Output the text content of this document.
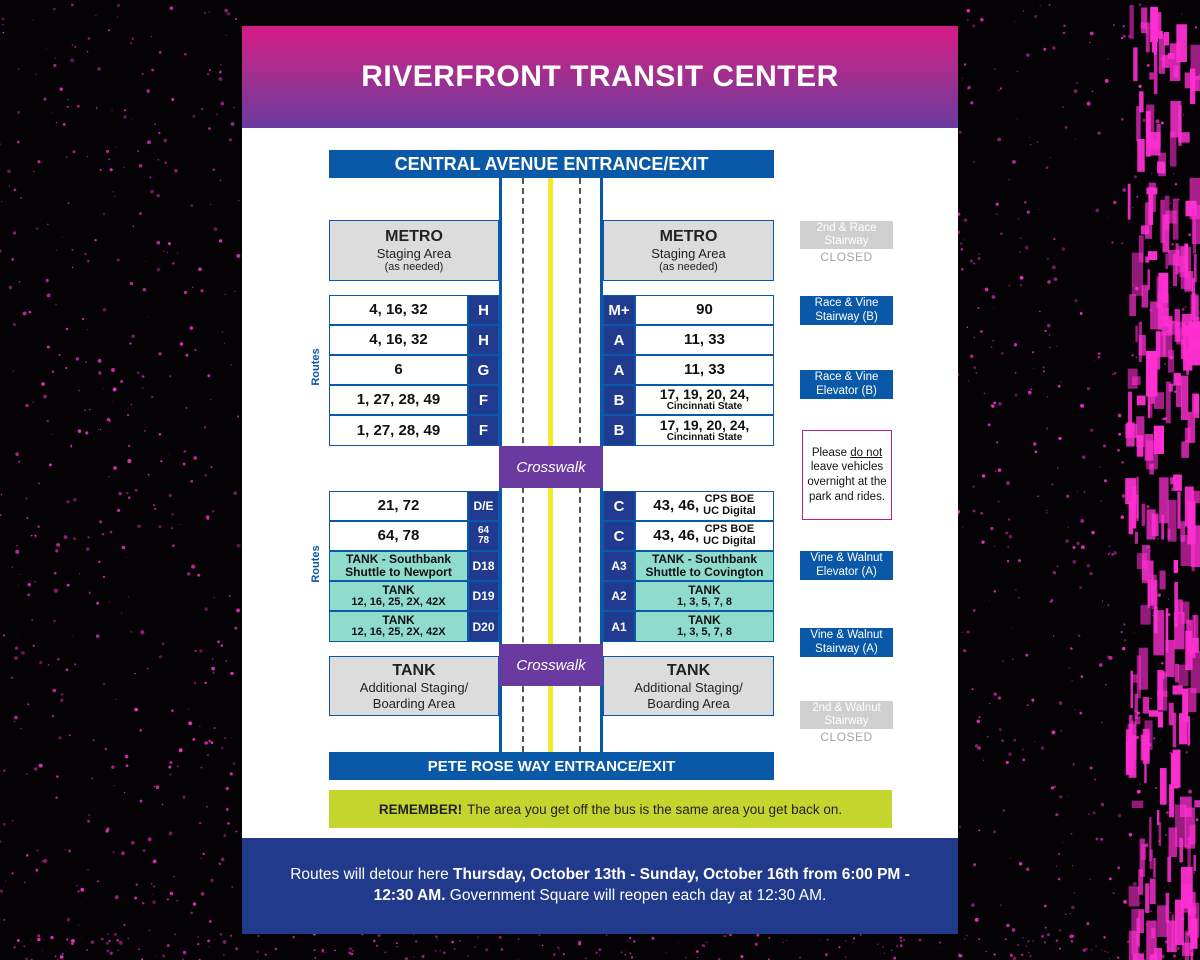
RIVERFRONT TRANSIT CENTER
CENTRAL AVENUE ENTRANCE/EXIT
Crosswalk
Crosswalk
METRO
Staging Area
(as needed)
METRO
Staging Area
(as needed)
4, 16, 32	H
4, 16, 32	H
6	G
1, 27, 28, 49	F
1, 27, 28, 49	F
M+	90
A	11, 33
A	11, 33
B	17, 19, 20, 24,
Cincinnati State
B	17, 19, 20, 24,
Cincinnati State
21, 72	D/E
64, 78	64
78
TANK - Southbank
Shuttle to Newport	D18
TANK
12, 16, 25, 2X, 42X	D19
TANK
12, 16, 25, 2X, 42X	D20
C	43, 46, CPS BOE
UC Digital
C	43, 46, CPS BOE
UC Digital
A3	TANK - Southbank
Shuttle to Covington
A2	TANK
1, 3, 5, 7, 8
A1	TANK
1, 3, 5, 7, 8
TANK
Additional Staging/
Boarding Area
TANK
Additional Staging/
Boarding Area
PETE ROSE WAY ENTRANCE/EXIT
Routes
Routes
2nd & Race
Stairway
CLOSED
Race & Vine
Stairway (B)
Race & Vine
Elevator (B)
Please do not leave vehicles overnight at the park and rides.
Vine & Walnut
Elevator (A)
Vine & Walnut
Stairway (A)
2nd & Walnut
Stairway
CLOSED
REMEMBER! The area you get off the bus is the same area you get back on.
Routes will detour here Thursday, October 13th - Sunday, October 16th from 6:00 PM - 12:30 AM. Government Square will reopen each day at 12:30 AM.
